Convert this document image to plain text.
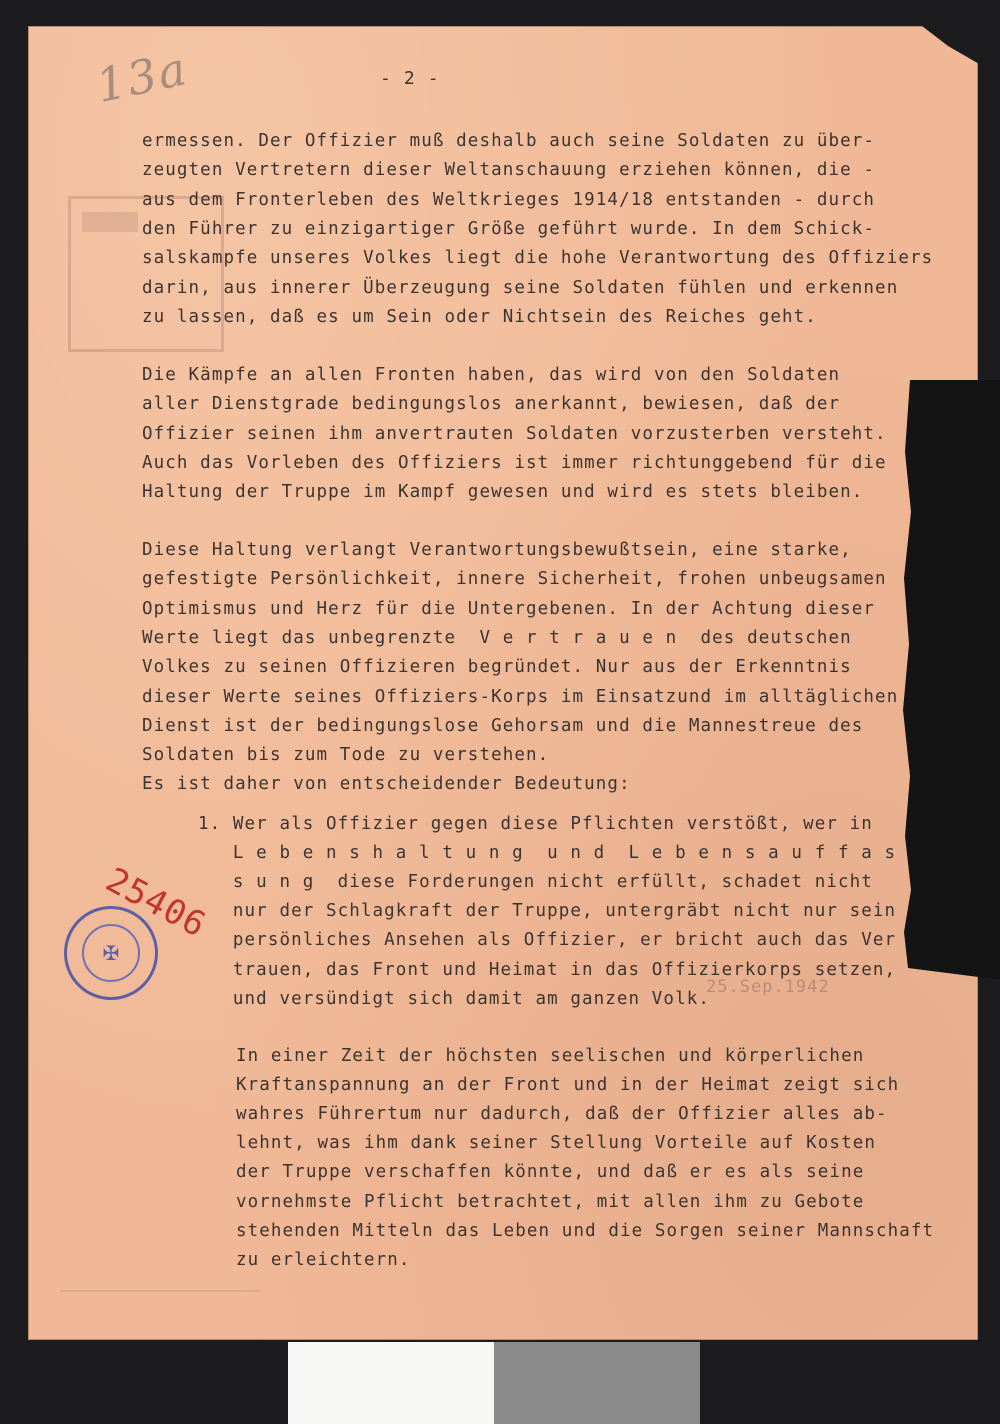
13a	- 2 -
ermessen. Der Offizier muß deshalb auch seine Soldaten zu über-
zeugten Vertretern dieser Weltanschauung erziehen können, die -
aus dem Fronterleben des Weltkrieges 1914/18 entstanden - durch
den Führer zu einzigartiger Größe geführt wurde. In dem Schick-
salskampfe unseres Volkes liegt die hohe Verantwortung des Offiziers
darin, aus innerer Überzeugung seine Soldaten fühlen und erkennen
zu lassen, daß es um Sein oder Nichtsein des Reiches geht.
Die Kämpfe an allen Fronten haben, das wird von den Soldaten
aller Dienstgrade bedingungslos anerkannt, bewiesen, daß der
Offizier seinen ihm anvertrauten Soldaten vorzusterben versteht.
Auch das Vorleben des Offiziers ist immer richtunggebend für die
Haltung der Truppe im Kampf gewesen und wird es stets bleiben.
Diese Haltung verlangt Verantwortungsbewußtsein, eine starke,
gefestigte Persönlichkeit, innere Sicherheit, frohen unbeugsamen
Optimismus und Herz für die Untergebenen. In der Achtung dieser
Werte liegt das unbegrenzte  V e r t r a u e n  des deutschen
Volkes zu seinen Offizieren begründet. Nur aus der Erkenntnis
dieser Werte seines Offiziers-Korps im Einsatzund im alltäglichen
Dienst ist der bedingungslose Gehorsam und die Mannestreue des
Soldaten bis zum Tode zu verstehen.
Es ist daher von entscheidender Bedeutung:
1. Wer als Offizier gegen diese Pflichten verstößt, wer in
L e b e n s h a l t u n g  u n d  L e b e n s a u f f a s
s u n g  diese Forderungen nicht erfüllt, schadet nicht
nur der Schlagkraft der Truppe, untergräbt nicht nur sein
persönliches Ansehen als Offizier, er bricht auch das Ver
trauen, das Front und Heimat in das Offizierkorps setzen,
und versündigt sich damit am ganzen Volk.
In einer Zeit der höchsten seelischen und körperlichen
Kraftanspannung an der Front und in der Heimat zeigt sich
wahres Führertum nur dadurch, daß der Offizier alles ab-
lehnt, was ihm dank seiner Stellung Vorteile auf Kosten
der Truppe verschaffen könnte, und daß er es als seine
vornehmste Pflicht betrachtet, mit allen ihm zu Gebote
stehenden Mitteln das Leben und die Sorgen seiner Mannschaft
zu erleichtern.
25406
✠
25.Sep.1942
